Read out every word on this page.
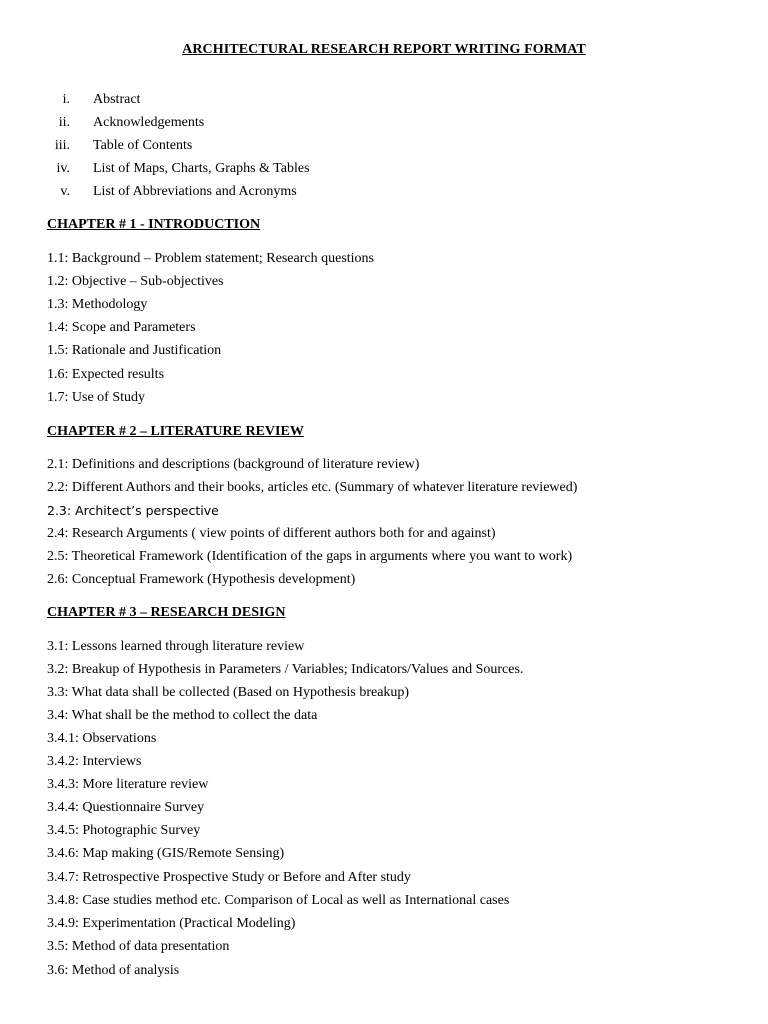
ARCHITECTURAL RESEARCH REPORT WRITING FORMAT
i. Abstract
ii. Acknowledgements
iii. Table of Contents
iv. List of Maps, Charts, Graphs & Tables
v. List of Abbreviations and Acronyms
CHAPTER # 1 - INTRODUCTION
1.1: Background – Problem statement; Research questions
1.2: Objective – Sub-objectives
1.3: Methodology
1.4: Scope and Parameters
1.5: Rationale and Justification
1.6: Expected results
1.7: Use of Study
CHAPTER # 2 – LITERATURE REVIEW
2.1: Definitions and descriptions (background of literature review)
2.2: Different Authors and their books, articles etc. (Summary of whatever literature reviewed)
2.3: Architect’s perspective
2.4: Research Arguments ( view points of different authors both for and against)
2.5: Theoretical Framework (Identification of the gaps in arguments where you want to work)
2.6: Conceptual Framework (Hypothesis development)
CHAPTER # 3 – RESEARCH DESIGN
3.1: Lessons learned through literature review
3.2: Breakup of Hypothesis in Parameters / Variables; Indicators/Values and Sources.
3.3: What data shall be collected (Based on Hypothesis breakup)
3.4: What shall be the method to collect the data
3.4.1: Observations
3.4.2: Interviews
3.4.3: More literature review
3.4.4: Questionnaire Survey
3.4.5: Photographic Survey
3.4.6: Map making (GIS/Remote Sensing)
3.4.7: Retrospective Prospective Study or Before and After study
3.4.8: Case studies method etc. Comparison of Local as well as International cases
3.4.9: Experimentation (Practical Modeling)
3.5: Method of data presentation
3.6: Method of analysis
